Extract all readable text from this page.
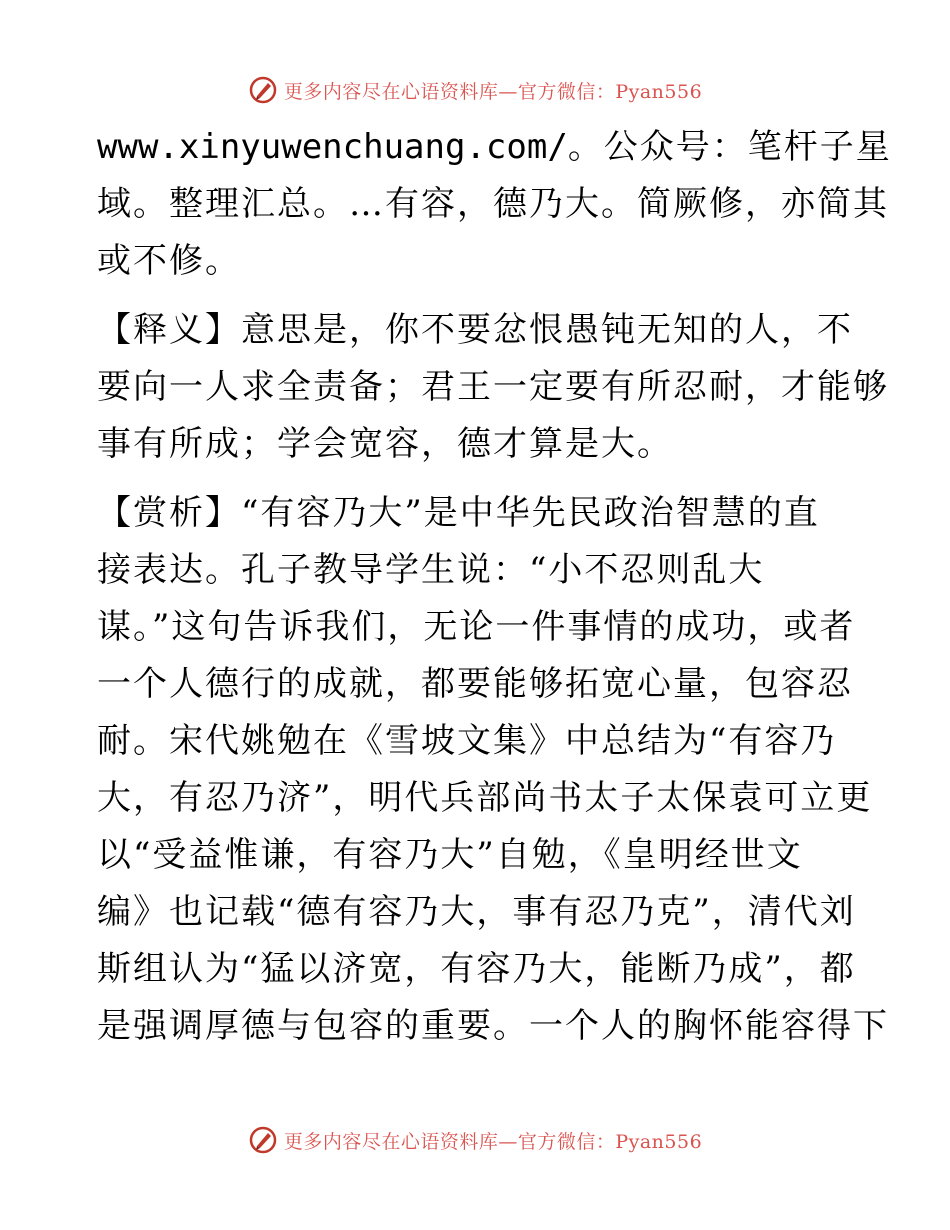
更多内容尽在心语资料库—官方微信：Pyan556
www.xinyuwenchuang.com/。公众号：笔杆子星
域。整理汇总。…有容，德乃大。简厥修，亦简其
或不修。
【释义】意思是，你不要忿恨愚钝无知的人，不
要向一人求全责备；君王一定要有所忍耐，才能够
事有所成；学会宽容，德才算是大。
【赏析】“有容乃大”是中华先民政治智慧的直
接表达。孔子教导学生说：“小不忍则乱大
谋。”这句告诉我们，无论一件事情的成功，或者
一个人德行的成就，都要能够拓宽心量，包容忍
耐。宋代姚勉在《雪坡文集》中总结为“有容乃
大，有忍乃济”，明代兵部尚书太子太保袁可立更
以“受益惟谦，有容乃大”自勉，《皇明经世文
编》也记载“德有容乃大，事有忍乃克”，清代刘
斯组认为“猛以济宽，有容乃大，能断乃成”，都
是强调厚德与包容的重要。一个人的胸怀能容得下
更多内容尽在心语资料库—官方微信：Pyan556
